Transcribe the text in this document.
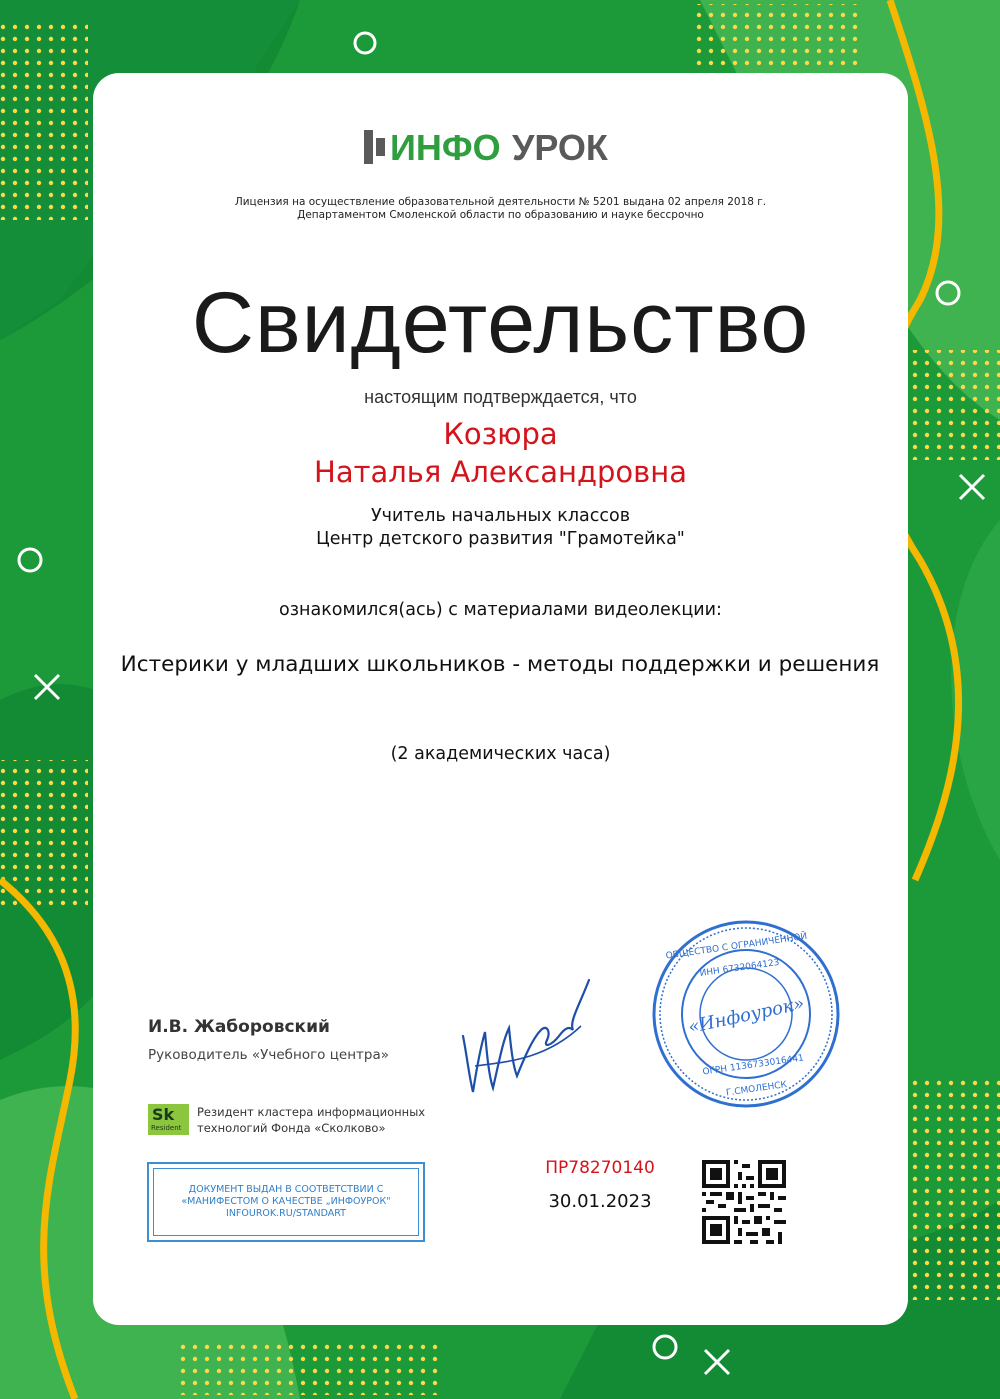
ИНФО УРОК
Лицензия на осуществление образовательной деятельности № 5201 выдана 02 апреля 2018 г.
Департаментом Смоленской области по образованию и науке бессрочно
Свидетельство
настоящим подтверждается, что
Козюра
Наталья Александровна
Учитель начальных классов
Центр детского развития "Грамотейка"
ознакомился(ась) с материалами видеолекции:
Истерики у младших школьников - методы поддержки и решения
(2 академических часа)
И.В. Жаборовский
Руководитель «Учебного центра»
Sk
Resident
Резидент кластера информационных
технологий Фонда «Сколково»
ДОКУМЕНТ ВЫДАН В СООТВЕТСТВИИ С
«МАНИФЕСТОМ О КАЧЕСТВЕ „ИНФОУРОК"
INFOUROK.RU/STANDART
«Инфоурок»
ОБЩЕСТВО С ОГРАНИЧЕННОЙ
ИНН 6732064123
ОГРН 1136733016441
Г.СМОЛЕНСК
ПР78270140
30.01.2023
